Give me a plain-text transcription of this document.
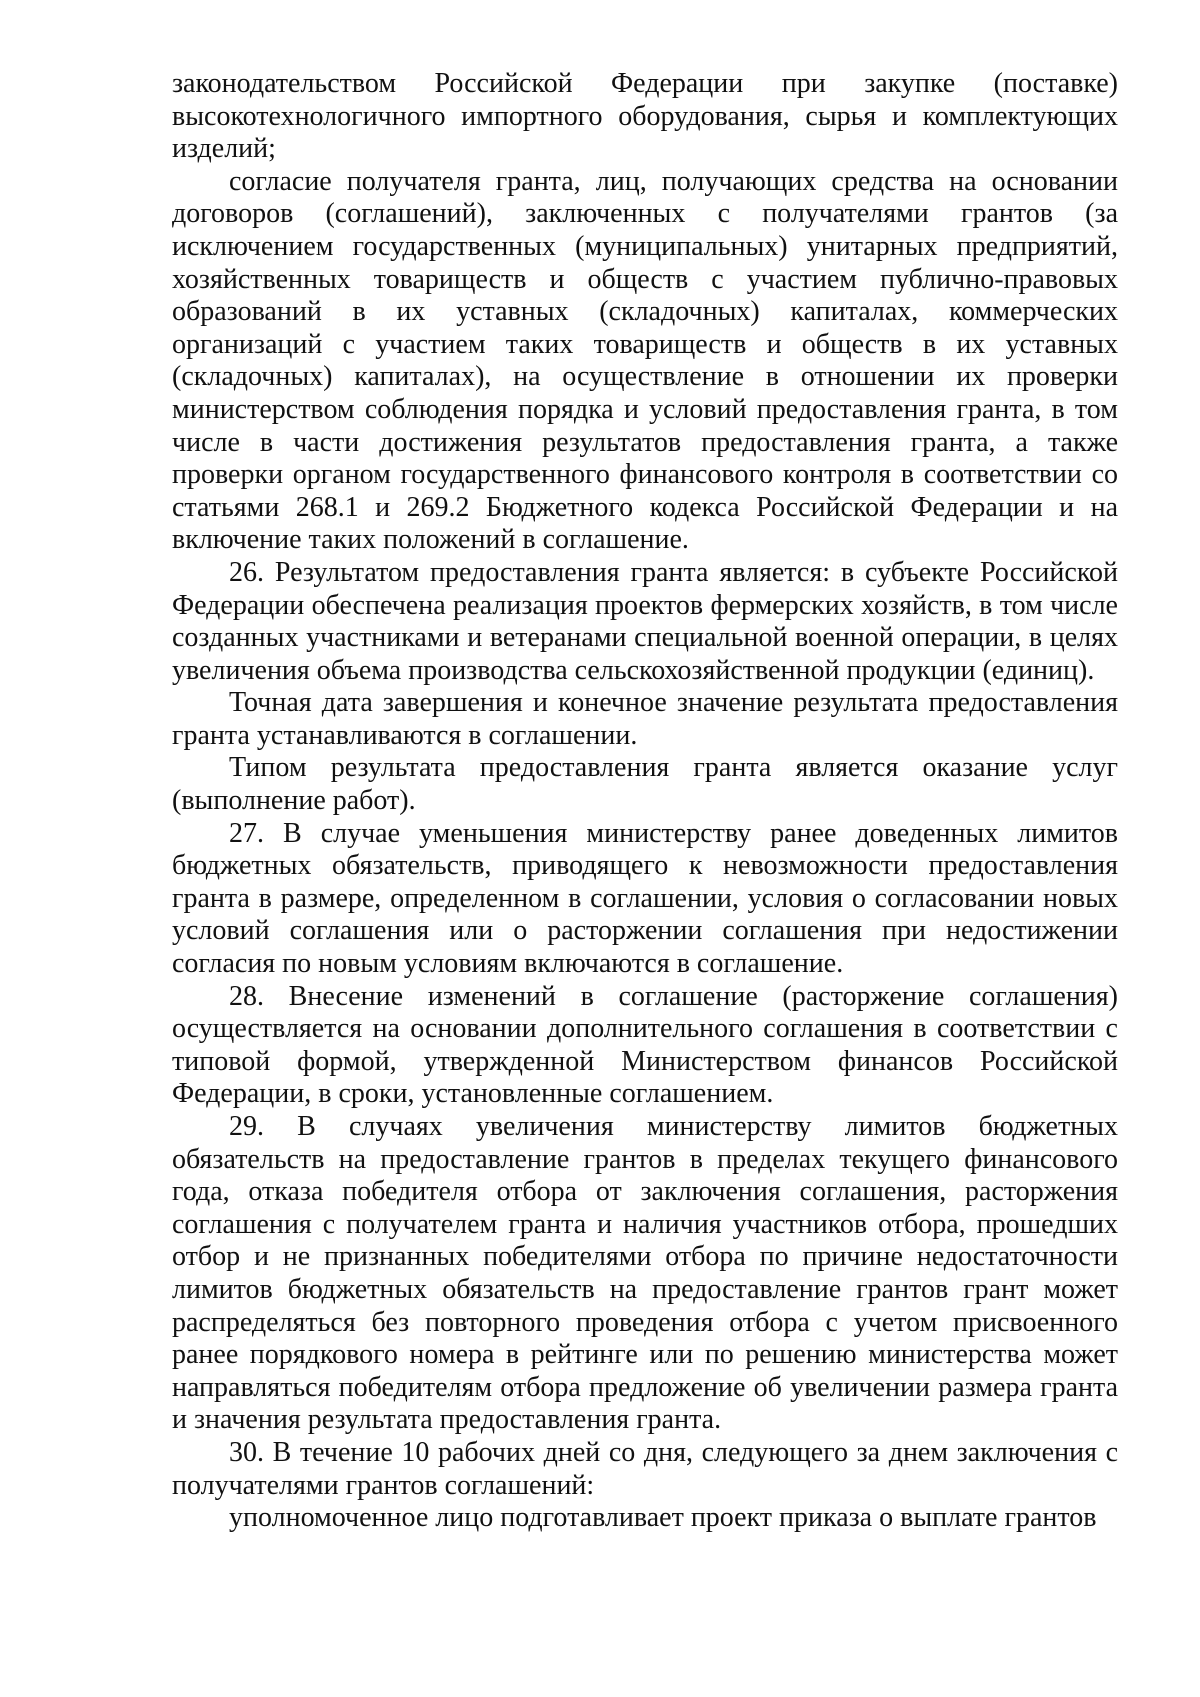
законодательством Российской Федерации при закупке (поставке) высокотехнологичного импортного оборудования, сырья и комплектующих изделий;

согласие получателя гранта, лиц, получающих средства на основании договоров (соглашений), заключенных с получателями грантов (за исключением государственных (муниципальных) унитарных предприятий, хозяйственных товариществ и обществ с участием публично-правовых образований в их уставных (складочных) капиталах, коммерческих организаций с участием таких товариществ и обществ в их уставных (складочных) капиталах), на осуществление в отношении их проверки министерством соблюдения порядка и условий предоставления гранта, в том числе в части достижения результатов предоставления гранта, а также проверки органом государственного финансового контроля в соответствии со статьями 268.1 и 269.2 Бюджетного кодекса Российской Федерации и на включение таких положений в соглашение.

26. Результатом предоставления гранта является: в субъекте Российской Федерации обеспечена реализация проектов фермерских хозяйств, в том числе созданных участниками и ветеранами специальной военной операции, в целях увеличения объема производства сельскохозяйственной продукции (единиц).

Точная дата завершения и конечное значение результата предоставления гранта устанавливаются в соглашении.

Типом результата предоставления гранта является оказание услуг (выполнение работ).

27. В случае уменьшения министерству ранее доведенных лимитов бюджетных обязательств, приводящего к невозможности предоставления гранта в размере, определенном в соглашении, условия о согласовании новых условий соглашения или о расторжении соглашения при недостижении согласия по новым условиям включаются в соглашение.

28. Внесение изменений в соглашение (расторжение соглашения) осуществляется на основании дополнительного соглашения в соответствии с типовой формой, утвержденной Министерством финансов Российской Федерации, в сроки, установленные соглашением.

29. В случаях увеличения министерству лимитов бюджетных обязательств на предоставление грантов в пределах текущего финансового года, отказа победителя отбора от заключения соглашения, расторжения соглашения с получателем гранта и наличия участников отбора, прошедших отбор и не признанных победителями отбора по причине недостаточности лимитов бюджетных обязательств на предоставление грантов грант может распределяться без повторного проведения отбора с учетом присвоенного ранее порядкового номера в рейтинге или по решению министерства может направляться победителям отбора предложение об увеличении размера гранта и значения результата предоставления гранта.

30. В течение 10 рабочих дней со дня, следующего за днем заключения с получателями грантов соглашений:

уполномоченное лицо подготавливает проект приказа о выплате грантов
